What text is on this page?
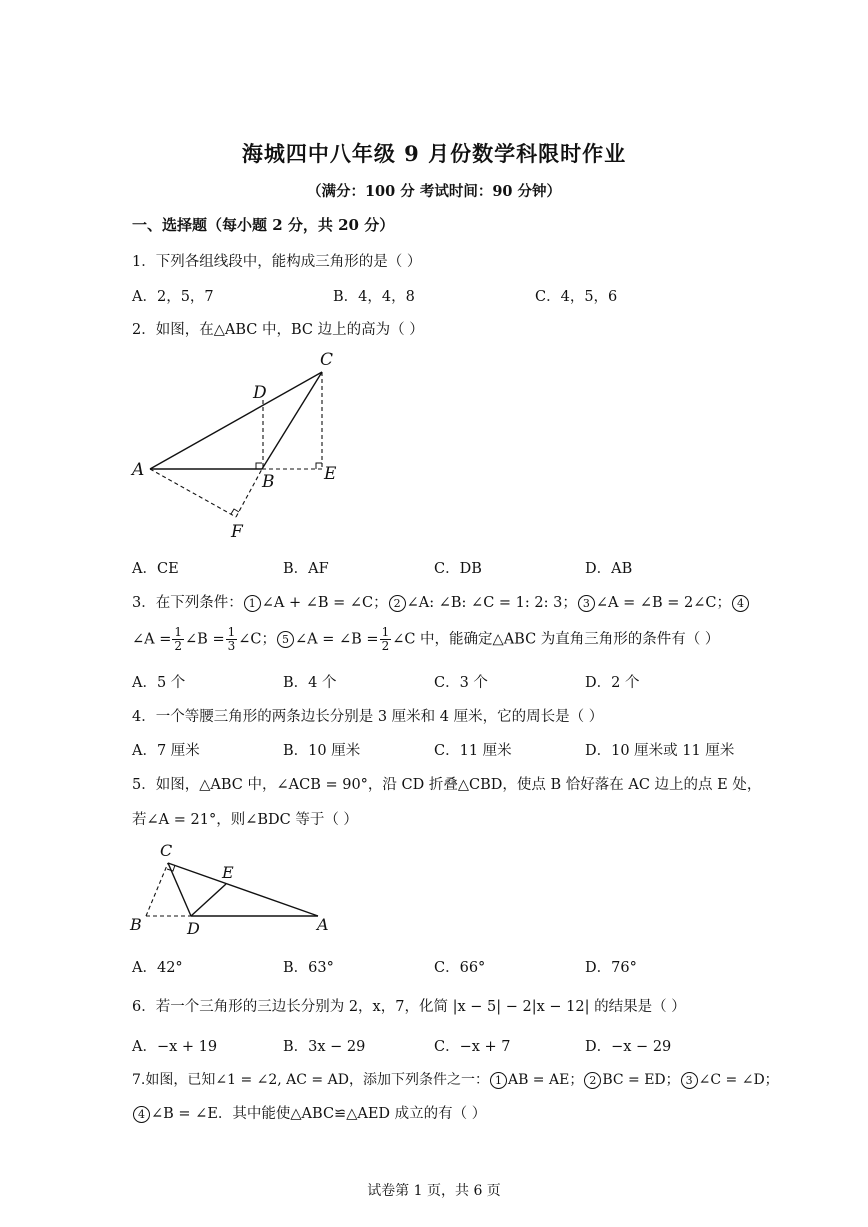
海城四中八年级 9 月份数学科限时作业
（满分：100 分 考试时间：90 分钟）
一、选择题（每小题 2 分，共 20 分）
1．下列各组线段中，能构成三角形的是（ ）
A．2，5，7	B．4，4，8	C．4，5，6
2．如图，在△ABC 中，BC 边上的高为（ ）
C
D
A
B	E
F
A．CE	B．AF	C．DB	D．AB
3．在下列条件： 1 ∠A + ∠B = ∠C； 2 ∠A: ∠B: ∠C = 1: 2: 3； 3 ∠A = ∠B = 2∠C； 4
∠A = $\frac{1}{2}$ ∠B = $\frac{1}{3}$ ∠C； 5 ∠A = ∠B = $\frac{1}{2}$ ∠C 中，能确定△ABC 为直角三角形的条件有（ ）
A．5 个	B．4 个	C．3 个	D．2 个
4．一个等腰三角形的两条边长分别是 3 厘米和 4 厘米，它的周长是（ ）
A．7 厘米	B．10 厘米	C．11 厘米	D．10 厘米或 11 厘米
5．如图，△ABC 中，∠ACB = 90°，沿 CD 折叠△CBD，使点 B 恰好落在 AC 边上的点 E 处，
若∠A = 21°，则∠BDC 等于（ ）
C
E
B	D	A
A．42°	B．63°	C．66°	D．76°
6．若一个三角形的三边长分别为 2，x，7，化简 |x − 5| − 2|x − 12| 的结果是（ ）
A．−x + 19	B．3x − 29	C．−x + 7	D．−x − 29
7.如图，已知∠1 = ∠2, AC = AD，添加下列条件之一： 1 AB = AE； 2 BC = ED； 3 ∠C = ∠D；
4 ∠B = ∠E．其中能使△ABC≌△AED 成立的有（ ）
试卷第 1 页，共 6 页
